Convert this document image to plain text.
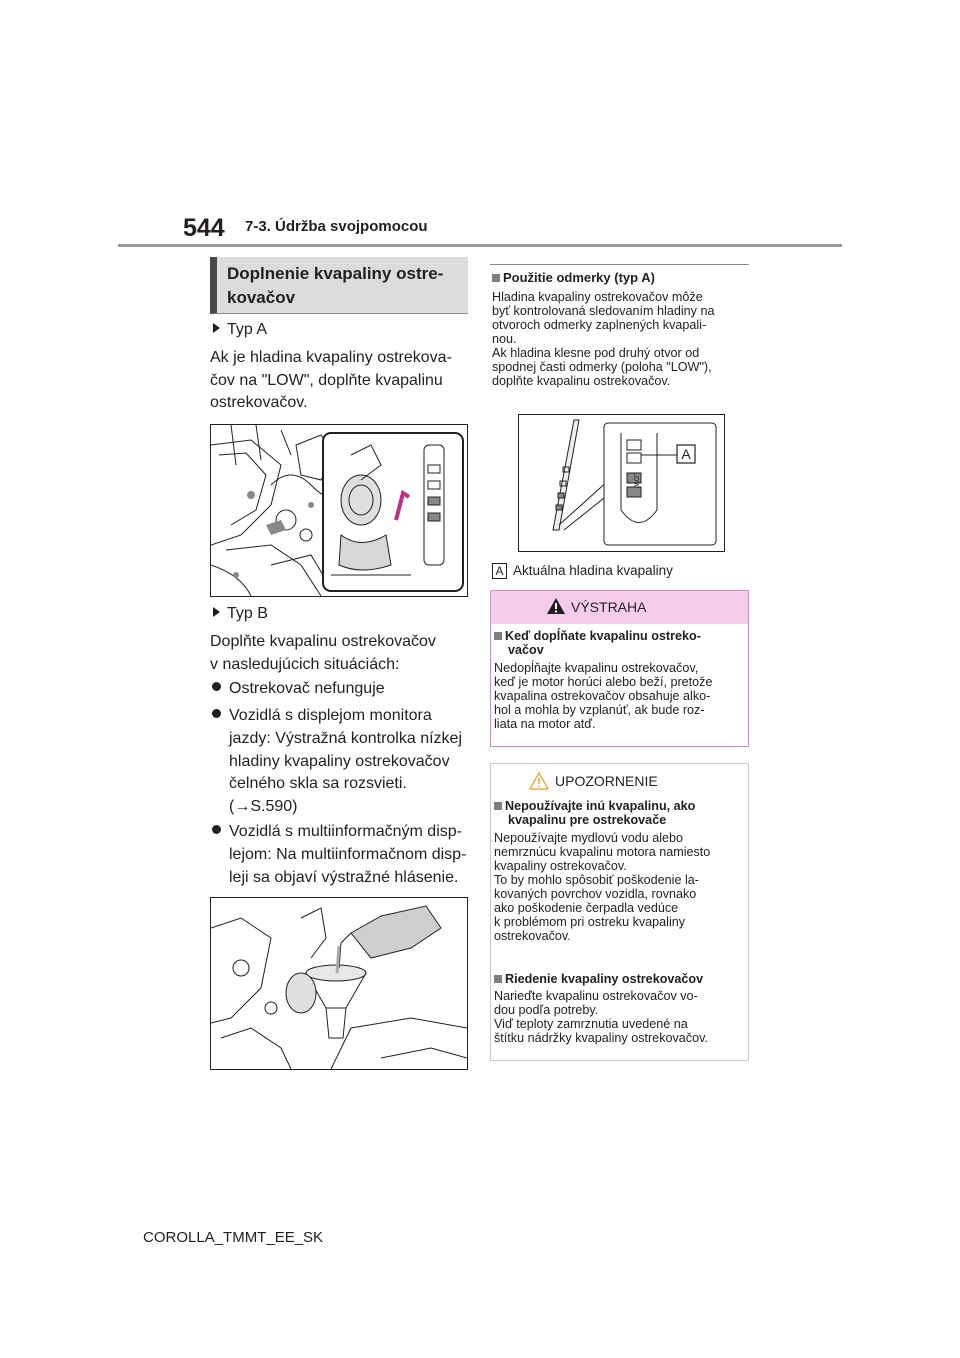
544 7-3. Údržba svojpomocou
Doplnenie kvapaliny ostre-kovačov
Typ A
Ak je hladina kvapaliny ostrekova-
čov na "LOW", doplňte kvapalinu
ostrekovačov.
Typ B
Doplňte kvapalinu ostrekovačov
v nasledujúcich situáciách:
Ostrekovač nefunguje
Vozidlá s displejom monitora
jazdy: Výstražná kontrolka nízkej
hladiny kvapaliny ostrekovačov
čelného skla sa rozsvieti.
(→S.590)
Vozidlá s multiinformačným disp-
lejom: Na multiinformačnom disp-
leji sa objaví výstražné hlásenie.
Použitie odmerky (typ A)
Hladina kvapaliny ostrekovačov môže
byť kontrolovaná sledovaním hladiny na
otvoroch odmerky zaplnených kvapali-
nou.
Ak hladina klesne pod druhý otvor od
spodnej časti odmerky (poloha "LOW"),
doplňte kvapalinu ostrekovačov.
A
LOW
A Aktuálna hladina kvapaliny
VÝSTRAHA
Keď dopĺňate kvapalinu ostreko-
vačov
Nedopĺňajte kvapalinu ostrekovačov,
keď je motor horúci alebo beží, pretože
kvapalina ostrekovačov obsahuje alko-
hol a mohla by vzplanúť, ak bude roz-
liata na motor atď.
UPOZORNENIE
Nepoužívajte inú kvapalinu, ako
kvapalinu pre ostrekovače
Nepoužívajte mydlovú vodu alebo
nemrznúcu kvapalinu motora namiesto
kvapaliny ostrekovačov.
To by mohlo spôsobiť poškodenie la-
kovaných povrchov vozidla, rovnako
ako poškodenie čerpadla vedúce
k problémom pri ostreku kvapaliny
ostrekovačov.
Riedenie kvapaliny ostrekovačov
Narieďte kvapalinu ostrekovačov vo-
dou podľa potreby.
Viď teploty zamrznutia uvedené na
štítku nádržky kvapaliny ostrekovačov.
COROLLA_TMMT_EE_SK
